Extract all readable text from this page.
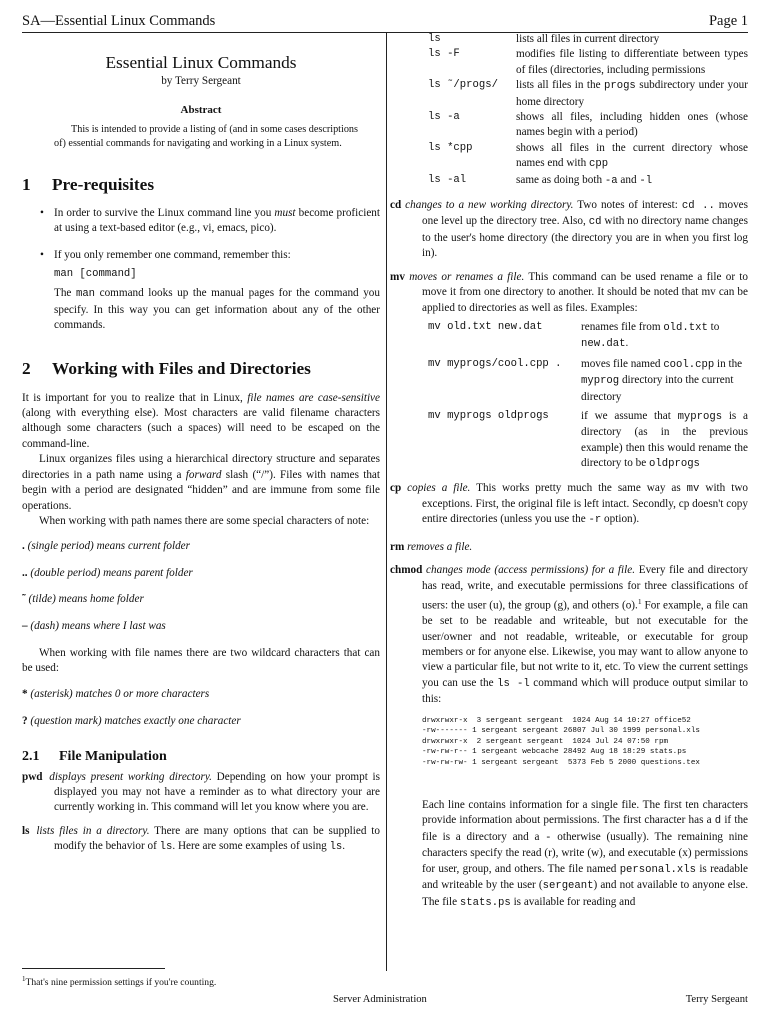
SA—Essential Linux Commands	Page 1
Essential Linux Commands
by Terry Sergeant
Abstract

This is intended to provide a listing of (and in some cases descriptions of) essential commands for navigating and working in a Linux system.

1 Pre-requisites
• In order to survive the Linux command line you must become proficient at using a text-based editor (e.g., vi, emacs, pico).
• If you only remember one command, remember this:

man [command]

The man command looks up the manual pages for the command you specify. In this way you can get information about any of the other commands.

2 Working with Files and Directories

It is important for you to realize that in Linux, file names are case-sensitive (along with everything else). Most characters are valid filename characters although some characters (such a spaces) will need to be escaped on the command-line.

Linux organizes files using a hierarchical directory structure and separates directories in a path name using a forward slash (“/”). Files with names that begin with a period are designated “hidden” and are immune from some file operations.

When working with path names there are some special characters of note:

. (single period) means current folder
.. (double period) means parent folder
˜ (tilde) means home folder
– (dash) means where I last was

When working with file names there are two wildcard characters that can be used:

* (asterisk) matches 0 or more characters
? (question mark) matches exactly one character
2.1 File Manipulation
pwd displays present working directory. Depending on how your prompt is displayed you may not have a reminder as to what directory your are currently working in. This command will let you know where you are.
ls lists files in a directory. There are many options that can be supplied to modify the behavior of ls. Here are some examples of using ls.
ls	lists all files in current directory
ls -F	modifies file listing to differentiate between types of files (directories, including permissions
ls ˜/progs/	lists all files in the progs subdirectory under your home directory
ls -a	shows all files, including hidden ones (whose names begin with a period)
ls *cpp	shows all files in the current directory whose names end with cpp
ls -al	same as doing both -a and -l
cd changes to a new working directory. Two notes of interest: cd .. moves one level up the directory tree. Also, cd with no directory name changes to the user's home directory (the directory you are in when you first log in).
mv moves or renames a file. This command can be used rename a file or to move it from one directory to another. It should be noted that mv can be applied to directories as well as files. Examples:
mv old.txt new.dat	renames file from old.txt to new.dat.
mv myprogs/cool.cpp .	moves file named cool.cpp in the myprog directory into the current directory
mv myprogs oldprogs	if we assume that myprogs is a directory (as in the previous example) then this would rename the directory to be oldprogs
cp copies a file. This works pretty much the same way as mv with two exceptions. First, the original file is left intact. Secondly, cp doesn't copy entire directories (unless you use the -r option).
rm removes a file.
chmod changes mode (access permissions) for a file. Every file and directory has read, write, and executable permissions for three classifications of users: the user (u), the group (g), and others (o).$^1$ For example, a file can be set to be readable and writeable, but not executable for the user/owner and not readable, writeable, or executable for group members or for anyone else. Likewise, you may want to allow anyone to view a particular file, but not write to it, etc. To view the current settings you can use the ls -l command which will produce output similar to this:
drwxrwxr-x  3 sergeant sergeant  1024 Aug 14 10:27 office52
-rw------- 1 sergeant sergeant 26807 Jul 30 1999 personal.xls
drwxrwxr-x  2 sergeant sergeant  1024 Jul 24 07:50 rpm
-rw-rw-r-- 1 sergeant webcache 28492 Aug 18 18:29 stats.ps
-rw-rw-rw- 1 sergeant sergeant  5373 Feb 5 2000 questions.tex

Each line contains information for a single file. The first ten characters provide information about permissions. The first character has a d if the file is a directory and a - otherwise (usually). The remaining nine characters specify the read (r), write (w), and executable (x) permissions for user, group, and others. The file named personal.xls is readable and writeable by the user (sergeant) and not available to anyone else. The file stats.ps is available for reading and

$^1$That's nine permission settings if you're counting.
Server Administration	Terry Sergeant
